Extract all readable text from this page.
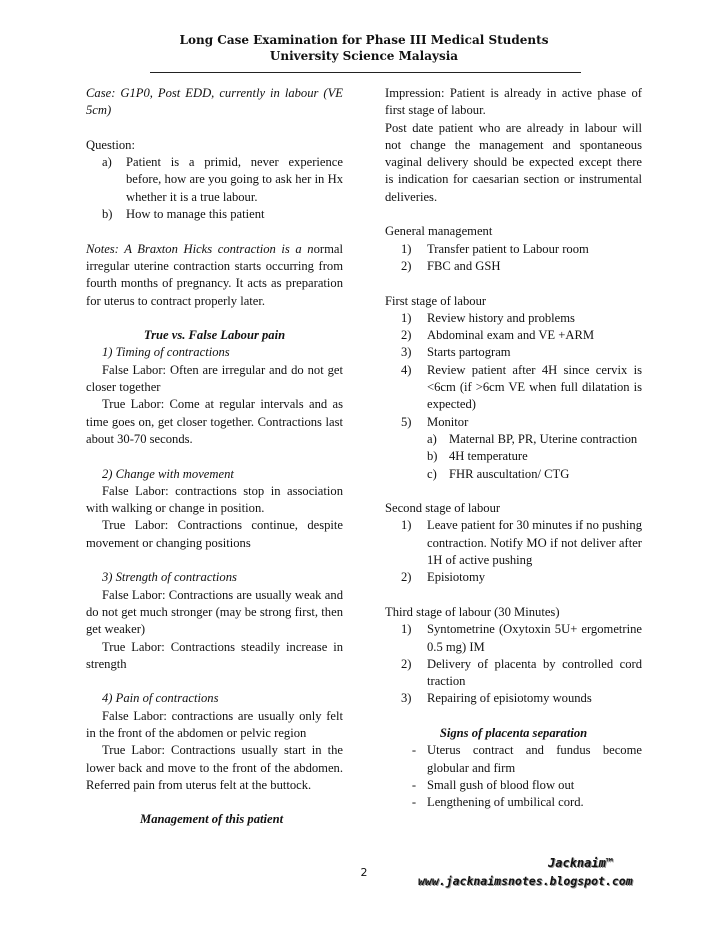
Long Case Examination for Phase III Medical Students
University Science Malaysia

Case: G1P0, Post EDD, currently in labour (VE 5cm)

Question:

a)	Patient is a primid, never experience before, how are you going to ask her in Hx whether it is a true labour.
b)	How to manage this patient

Notes: A Braxton Hicks contraction is a normal irregular uterine contraction starts occurring from fourth months of pregnancy. It acts as preparation for uterus to contract properly later.

True vs. False Labour pain

1) Timing of contractions

False Labor: Often are irregular and do not get closer together

True Labor: Come at regular intervals and as time goes on, get closer together. Contractions last about 30-70 seconds.

2) Change with movement

False Labor: contractions stop in association with walking or change in position.

True Labor: Contractions continue, despite movement or changing positions

3) Strength of contractions

False Labor: Contractions are usually weak and do not get much stronger (may be strong first, then get weaker)

True Labor: Contractions steadily increase in strength

4) Pain of contractions

False Labor: contractions are usually only felt in the front of the abdomen or pelvic region

True Labor: Contractions usually start in the lower back and move to the front of the abdomen. Referred pain from uterus felt at the buttock.

Management of this patient

Impression: Patient is already in active phase of first stage of labour.

Post date patient who are already in labour will not change the management and spontaneous vaginal delivery should be expected except there is indication for caesarian section or instrumental deliveries.

General management

1)	Transfer patient to Labour room
2)	FBC and GSH

First stage of labour

1)	Review history and problems
2)	Abdominal exam and VE +ARM
3)	Starts partogram
4)	Review patient after 4H since cervix is <6cm (if >6cm VE when full dilatation is expected)
5)	Monitor
a) Maternal BP, PR, Uterine contraction
b) 4H temperature
c) FHR auscultation/ CTG

Second stage of labour

1)	Leave patient for 30 minutes if no pushing contraction. Notify MO if not deliver after 1H of active pushing
2)	Episiotomy

Third stage of labour (30 Minutes)

1)	Syntometrine (Oxytoxin 5U+ ergometrine 0.5 mg) IM
2)	Delivery of placenta by controlled cord traction
3)	Repairing of episiotomy wounds

Signs of placenta separation

- Uterus contract and fundus become globular and firm
- Small gush of blood flow out
- Lengthening of umbilical cord.
2
Jacknaim™
www.jacknaimsnotes.blogspot.com
